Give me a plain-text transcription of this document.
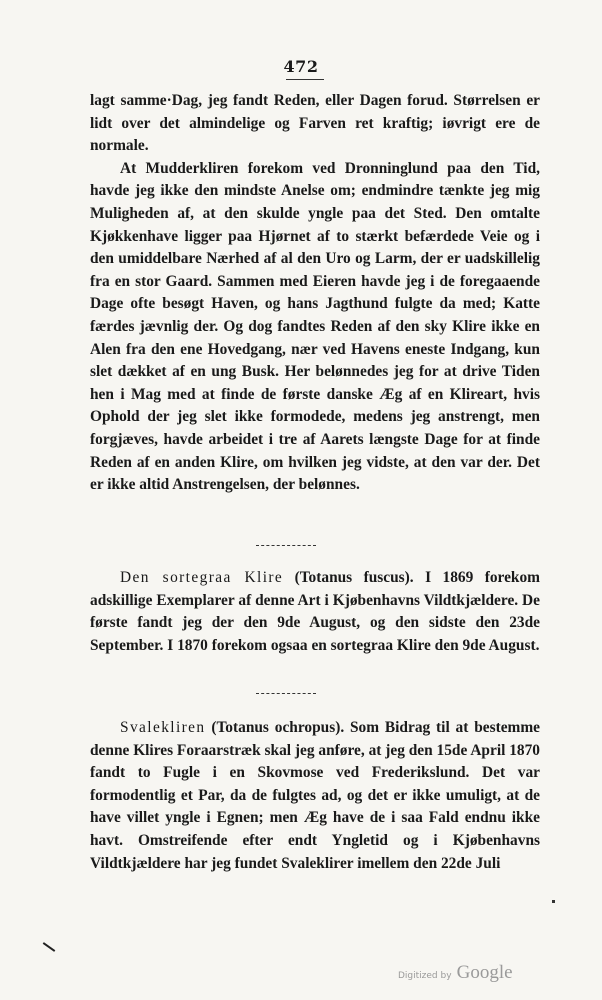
472

lagt samme·Dag, jeg fandt Reden, eller Dagen forud. Størrelsen er lidt over det almindelige og Farven ret kraftig; iøvrigt ere de normale.

At Mudderkliren forekom ved Dronninglund paa den Tid, havde jeg ikke den mindste Anelse om; endmindre tænkte jeg mig Muligheden af, at den skulde yngle paa det Sted. Den omtalte Kjøkkenhave ligger paa Hjørnet af to stærkt befærdede Veie og i den umiddelbare Nærhed af al den Uro og Larm, der er uadskillelig fra en stor Gaard. Sammen med Eieren havde jeg i de foregaaende Dage ofte besøgt Haven, og hans Jagthund fulgte da med; Katte færdes jævnlig der. Og dog fandtes Reden af den sky Klire ikke en Alen fra den ene Hovedgang, nær ved Havens eneste Indgang, kun slet dækket af en ung Busk. Her belønnedes jeg for at drive Tiden hen i Mag med at finde de første danske Æg af en Klireart, hvis Ophold der jeg slet ikke formodede, medens jeg anstrengt, men forgjæves, havde arbeidet i tre af Aarets længste Dage for at finde Reden af en anden Klire, om hvilken jeg vidste, at den var der. Det er ikke altid Anstrengelsen, der belønnes.

Den sortegraa Klire (Totanus fuscus). I 1869 forekom adskillige Exemplarer af denne Art i Kjøbenhavns Vildtkjældere. De første fandt jeg der den 9de August, og den sidste den 23de September. I 1870 forekom ogsaa en sortegraa Klire den 9de August.

Svalekliren (Totanus ochropus). Som Bidrag til at bestemme denne Klires Foraarstræk skal jeg anføre, at jeg den 15de April 1870 fandt to Fugle i en Skovmose ved Frederikslund. Det var formodentlig et Par, da de fulgtes ad, og det er ikke umuligt, at de have villet yngle i Egnen; men Æg have de i saa Fald endnu ikke havt. Omstreifende efter endt Yngletid og i Kjøbenhavns Vildtkjældere har jeg fundet Svaleklirer imellem den 22de Juli

Digitized by Google
